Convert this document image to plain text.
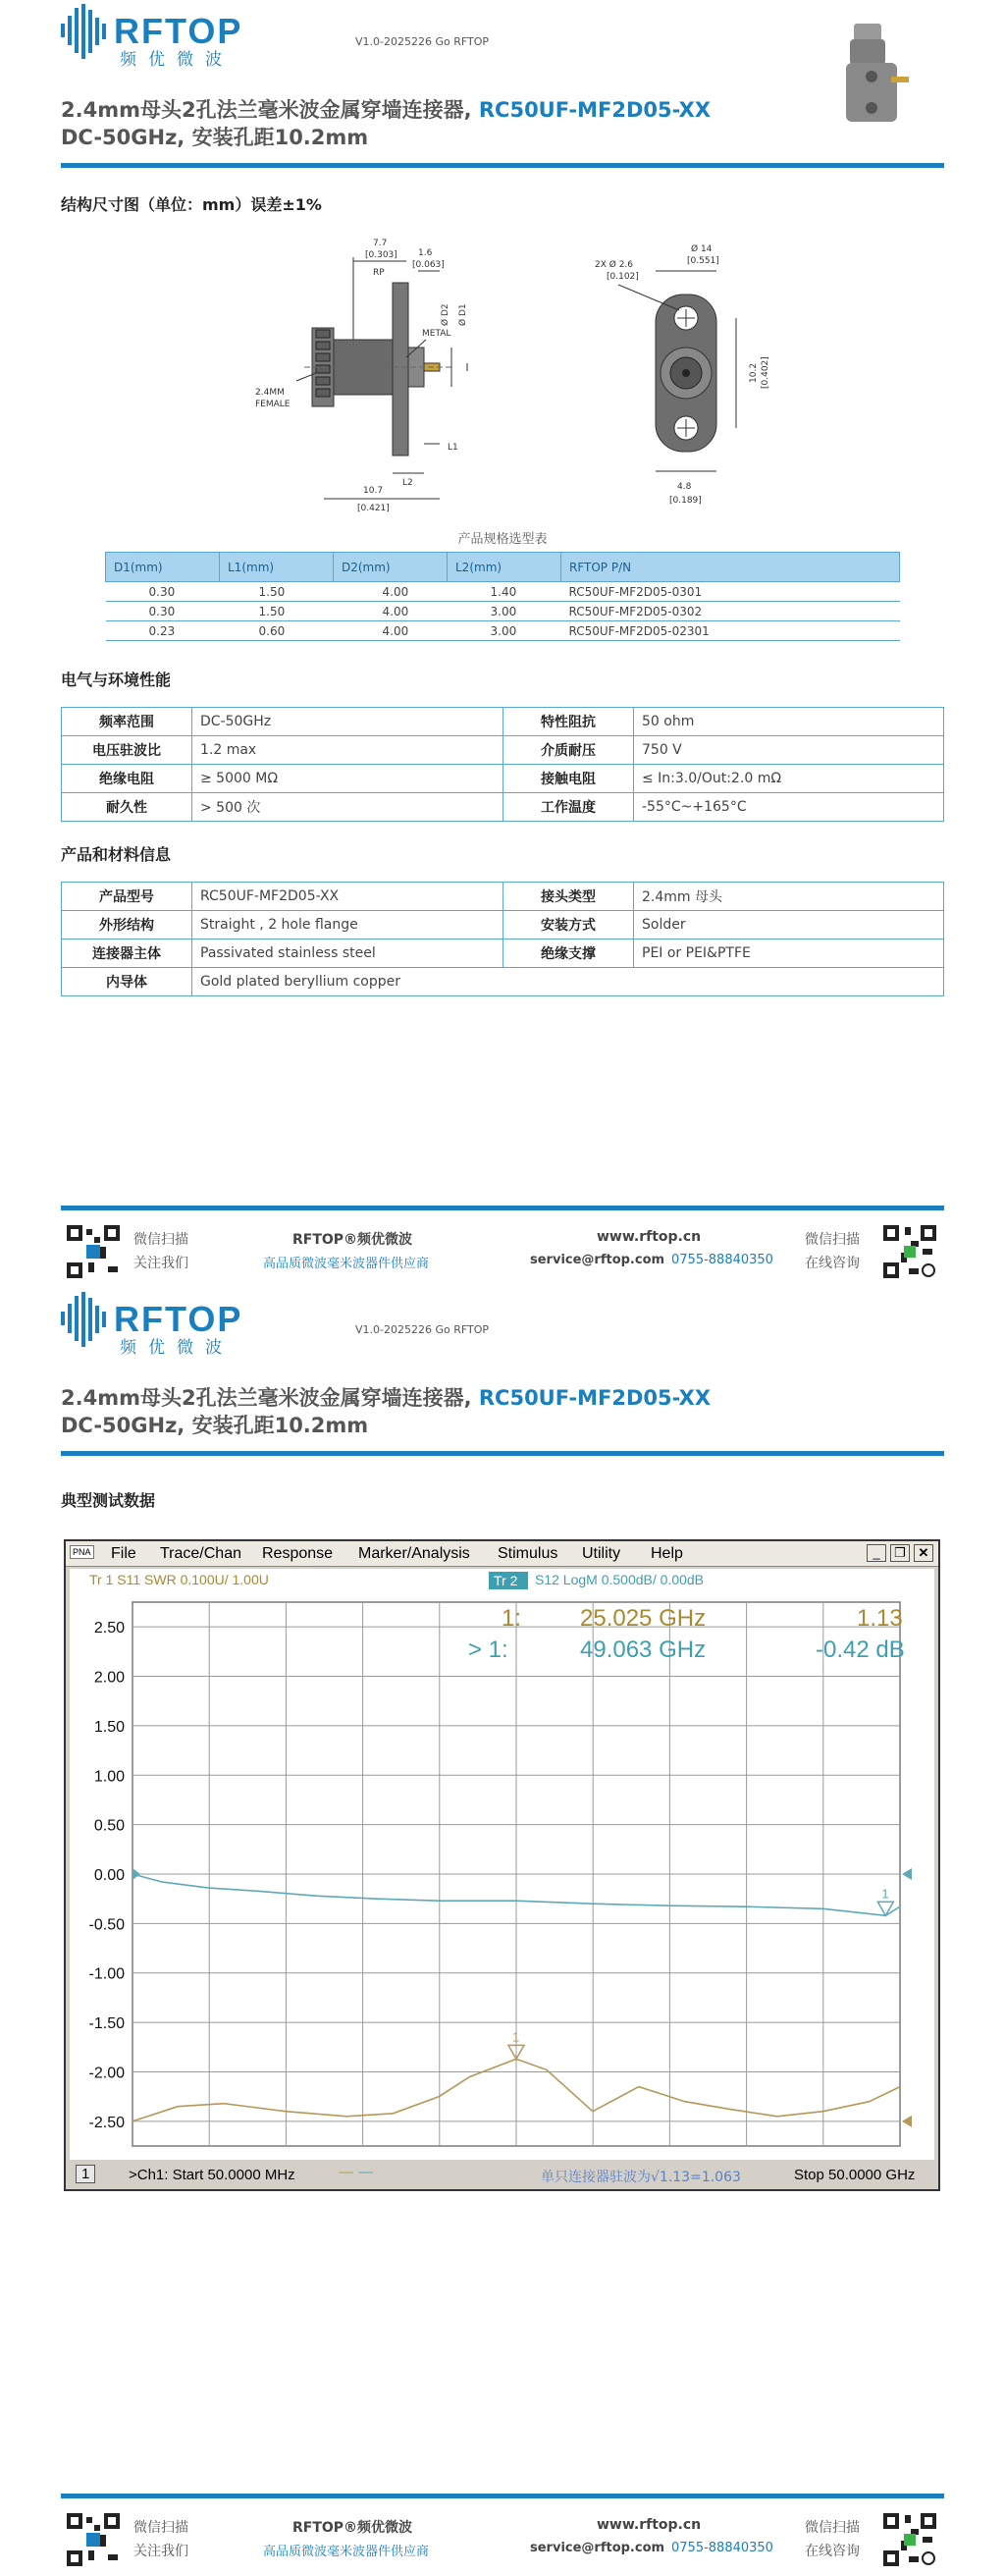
RFTOP
频优微波
V1.0-2025226 Go RFTOP
2.4mm母头2孔法兰毫米波金属穿墙连接器, RC50UF-MF2D05-XX
DC-50GHz, 安装孔距10.2mm
结构尺寸图（单位：mm）误差±1%
7.7
[0.303]
RP
1.6
[0.063]
Ø D2 Ø D1
METAL
2.4MM
FEMALE
L1
L2
10.7
[0.421]
2X Ø 2.6
[0.102]
Ø 14
[0.551]
10.2 [0.402]
4.8
[0.189]
产品规格选型表
D1(mm)	L1(mm)	D2(mm)	L2(mm)	RFTOP P/N
0.30	1.50	4.00	1.40	RC50UF-MF2D05-0301
0.30	1.50	4.00	3.00	RC50UF-MF2D05-0302
0.23	0.60	4.00	3.00	RC50UF-MF2D05-02301
电气与环境性能
频率范围	DC-50GHz	特性阻抗	50 ohm
电压驻波比	1.2 max	介质耐压	750 V
绝缘电阻	≥ 5000 MΩ	接触电阻	≤ In:3.0/Out:2.0 mΩ
耐久性	> 500 次	工作温度	-55°C~+165°C
产品和材料信息
产品型号	RC50UF-MF2D05-XX	接头类型	2.4mm 母头
外形结构	Straight , 2 hole flange	安装方式	Solder
连接器主体	Passivated stainless steel	绝缘支撑	PEI or PEI&PTFE
内导体	Gold plated beryllium copper		
微信扫描
关注我们
RFTOP®频优微波
高品质微波毫米波器件供应商
www.rftop.cn
service@rftop.com 0755-88840350
微信扫描
在线咨询
RFTOP
频优微波
V1.0-2025226 Go RFTOP
2.4mm母头2孔法兰毫米波金属穿墙连接器, RC50UF-MF2D05-XX
DC-50GHz, 安装孔距10.2mm
典型测试数据
PNA File Trace/Chan Response Marker/Analysis Stimulus Utility Help	_	❐ ✕
Tr 1 S11 SWR 0.100U/ 1.00U	Tr 2 S12 LogM 0.500dB/ 0.00dB
2.50
2.00
1.50
1.00
0.50
0.00
-0.50
-1.00
-1.50
-2.00
-2.50
1
1
1: 25.025 GHz	1.13
> 1:	49.063 GHz	-0.42 dB
1	>Ch1: Start 50.0000 MHz	— —	单只连接器驻波为√1.13=1.063	Stop 50.0000 GHz
微信扫描
关注我们
RFTOP®频优微波
高品质微波毫米波器件供应商
www.rftop.cn
service@rftop.com 0755-88840350
微信扫描
在线咨询
